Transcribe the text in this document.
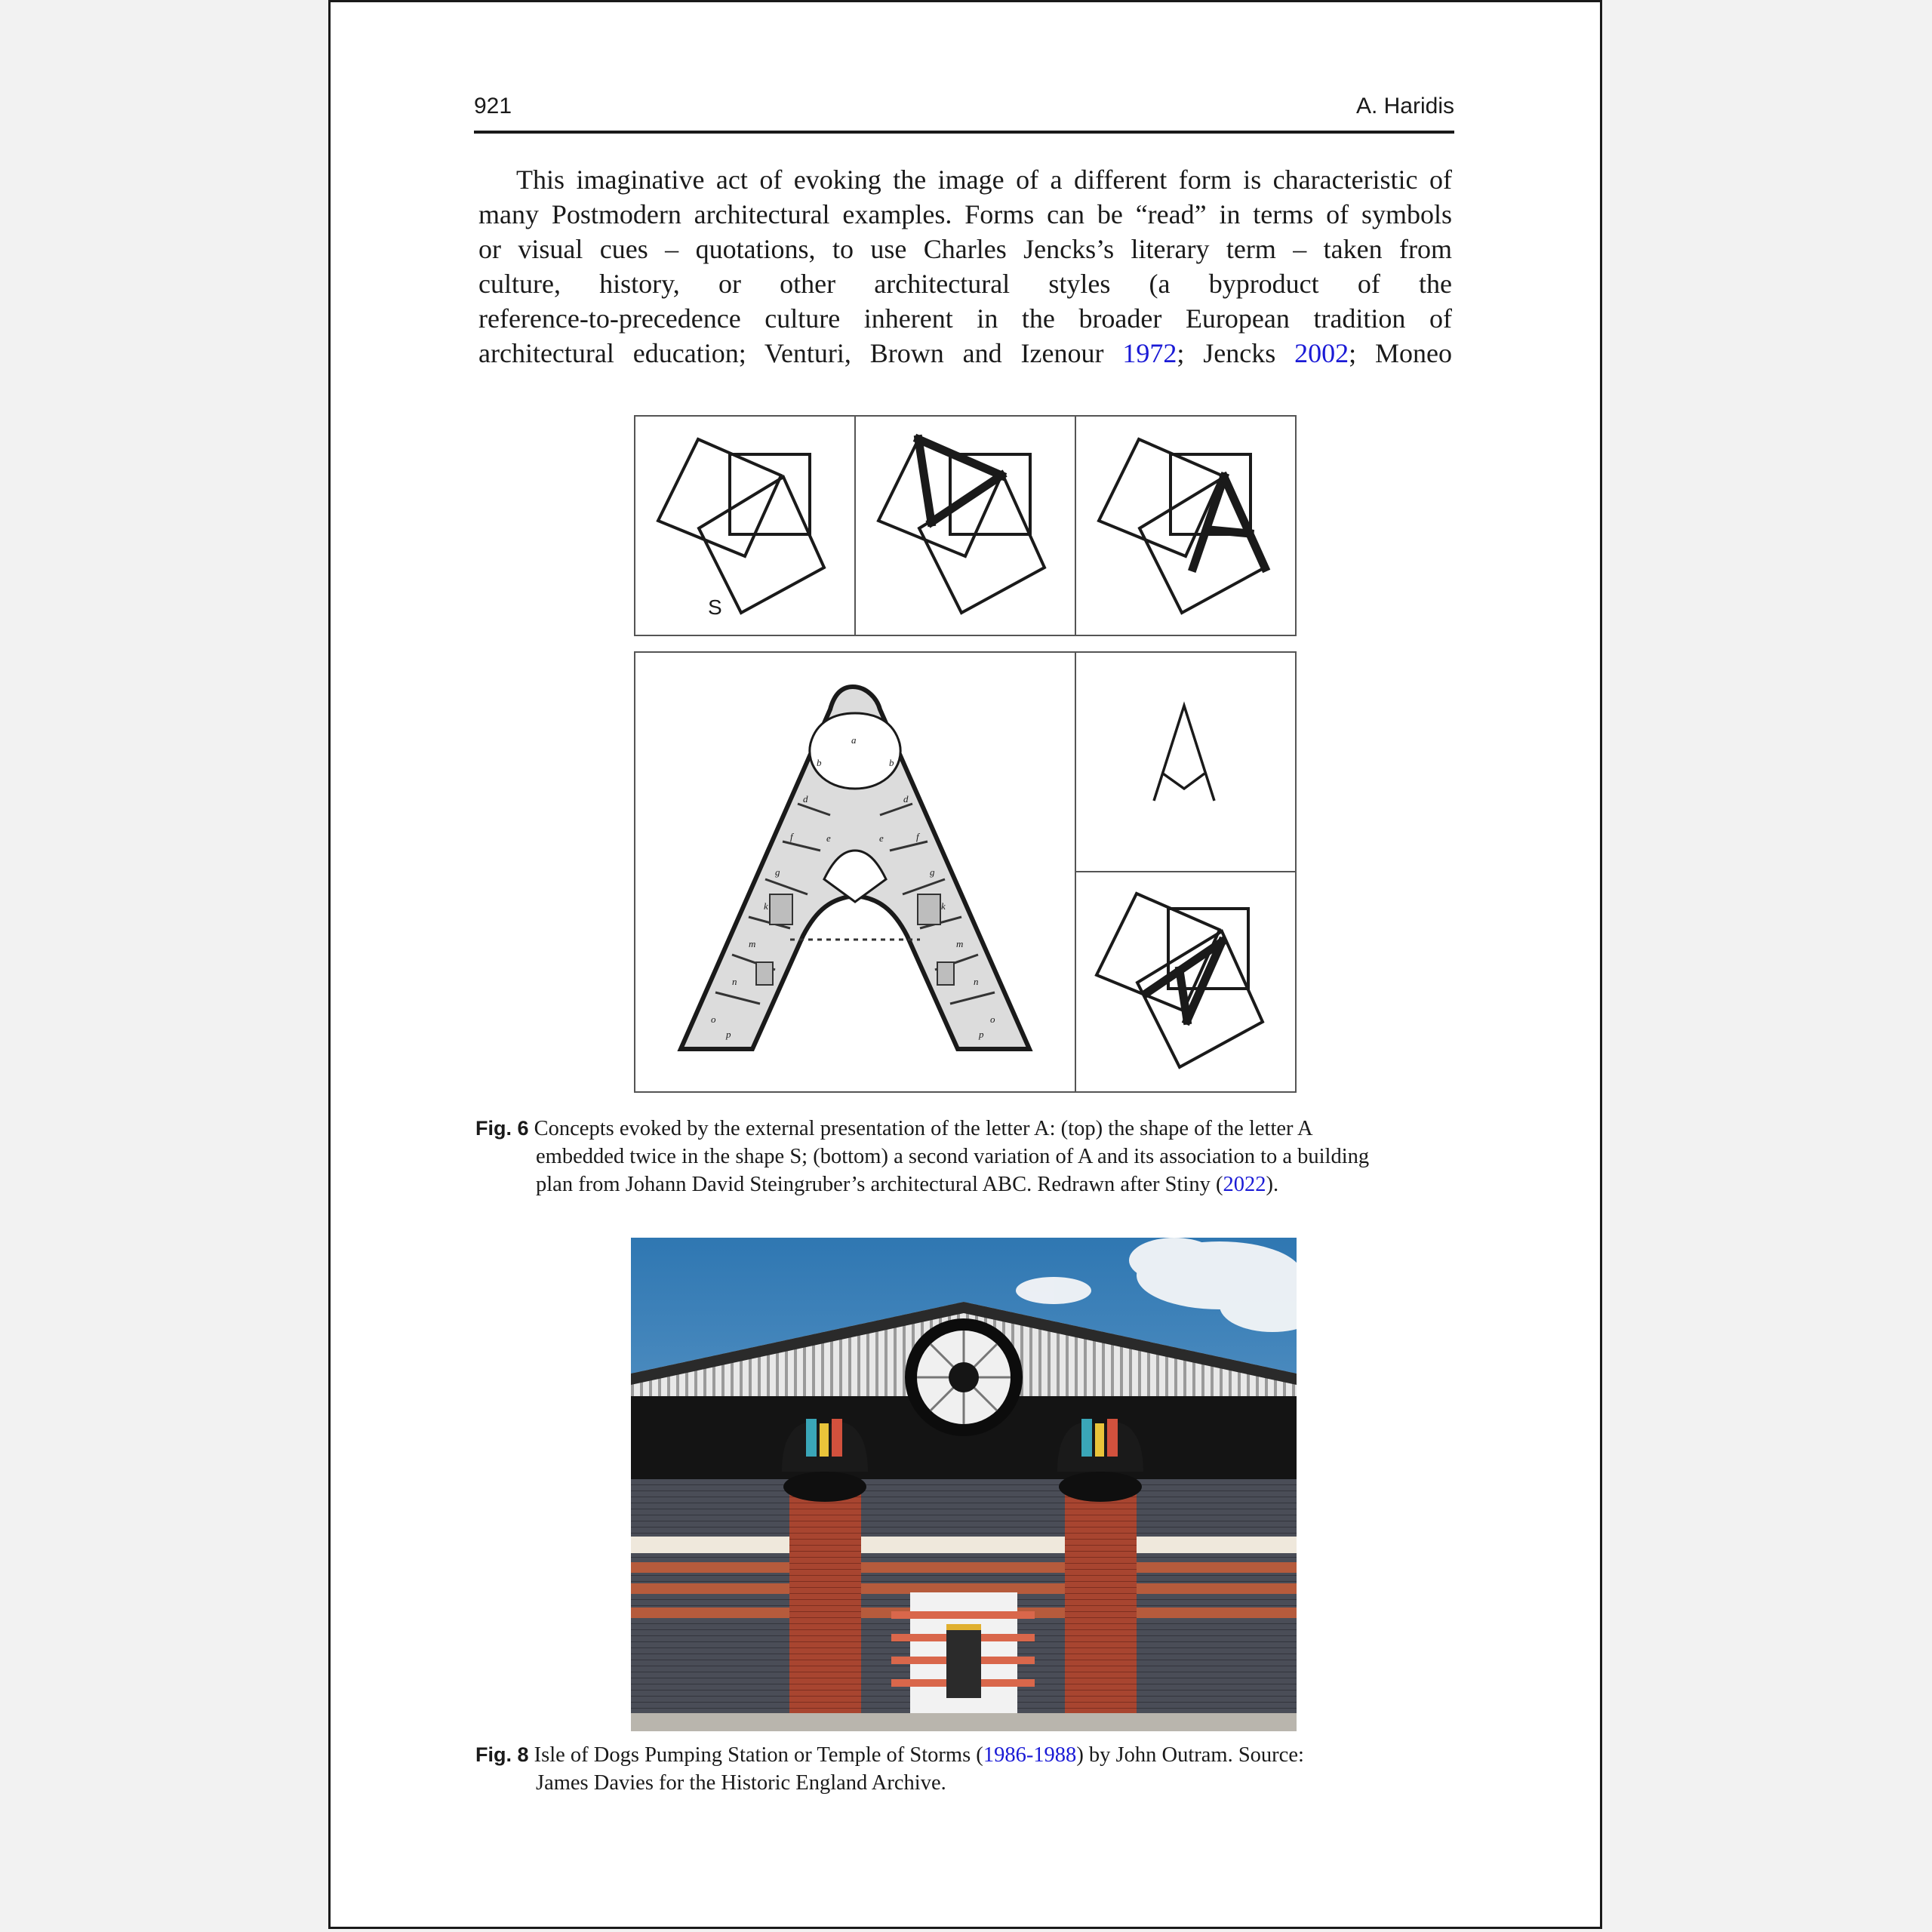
921	A. Haridis
This imaginative act of evoking the image of a different form is characteristic of
many Postmodern architectural examples. Forms can be “read” in terms of symbols
or visual cues – quotations, to use Charles Jencks’s literary term – taken from
culture, history, or other architectural styles (a byproduct of the
reference-to-precedence culture inherent in the broader European tradition of
architectural education; Venturi, Brown and Izenour 1972; Jencks 2002; Moneo
S
a
b	b
d	d
f	f
g	g
e	e
k	k
m	m
n	n
o	o
p	p
Fig. 6 Concepts evoked by the external presentation of the letter A: (top) the shape of the letter A
embedded twice in the shape S; (bottom) a second variation of A and its association to a building
plan from Johann David Steingruber’s architectural ABC. Redrawn after Stiny (2022).
Fig. 8 Isle of Dogs Pumping Station or Temple of Storms (1986-1988) by John Outram. Source:
James Davies for the Historic England Archive.
